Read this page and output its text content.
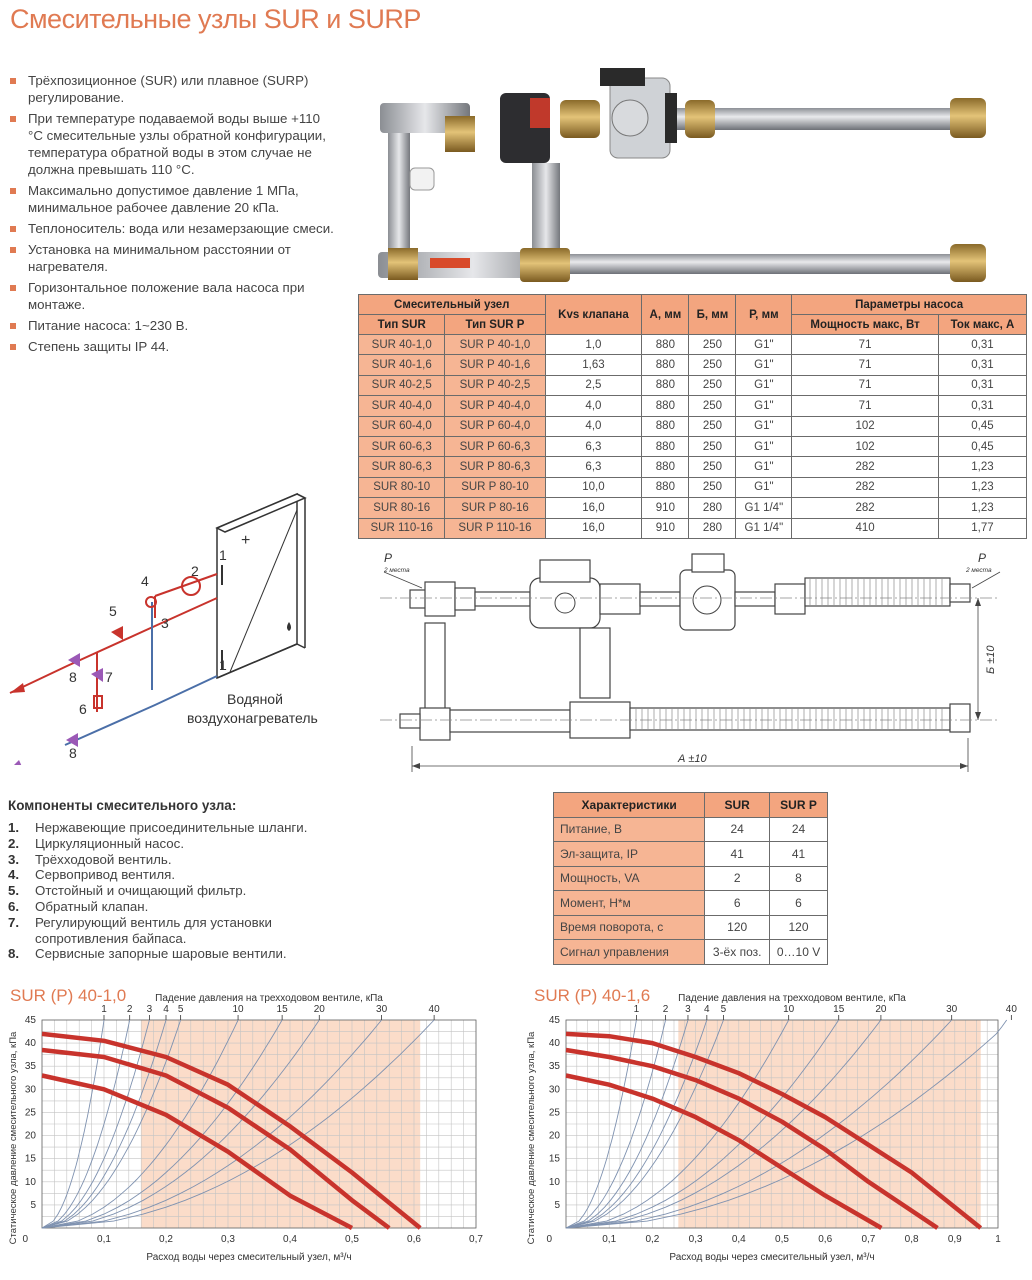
Смесительные узлы SUR и SURP
Трёхпозиционное (SUR) или плавное (SURP) регулирование.
При температуре подаваемой воды выше +110 °C смесительные узлы обратной конфигурации, температура обратной воды в этом случае не должна превышать 110 °C.
Максимально допустимое давление 1 МПа, минимальное рабочее давление 20 кПа.
Теплоноситель: вода или незамерзающие смеси.
Установка на минимальном расстоянии от нагревателя.
Горизонтальное положение вала насоса при монтаже.
Питание насоса: 1~230 В.
Степень защиты IP 44.
Смесительный узел		Kvs клапана	А, мм	Б, мм	Р, мм	Параметры насоса	
Тип SUR	Тип SUR P					Мощность макс, Вт	Ток макс, А
SUR 40-1,0	SUR P 40-1,0	1,0	880	250	G1"	71	0,31
SUR 40-1,6	SUR P 40-1,6	1,63	880	250	G1"	71	0,31
SUR 40-2,5	SUR P 40-2,5	2,5	880	250	G1"	71	0,31
SUR 40-4,0	SUR P 40-4,0	4,0	880	250	G1"	71	0,31
SUR 60-4,0	SUR P 60-4,0	4,0	880	250	G1"	102	0,45
SUR 60-6,3	SUR P 60-6,3	6,3	880	250	G1"	102	0,45
SUR 80-6,3	SUR P 80-6,3	6,3	880	250	G1"	282	1,23
SUR 80-10	SUR P 80-10	10,0	880	250	G1"	282	1,23
SUR 80-16	SUR P 80-16	16,0	910	280	G1 1/4"	282	1,23
SUR 110-16	SUR P 110-16	16,0	910	280	G1 1/4"	410	1,77
+
1
2
3
4
5
6
7
8
1
8
Водяной
воздухонагреватель
P
2 места
P
2 места
Б ±10
А ±10
Компоненты смесительного узла:
1.	Нержавеющие присоединительные шланги.
2.	Циркуляционный насос.
3.	Трёхходовой вентиль.
4.	Сервопривод вентиля.
5.	Отстойный и очищающий фильтр.
6.	Обратный клапан.
7.	Регулирующий вентиль для установки сопротивления байпаса.
8.	Сервисные запорные шаровые вентили.
Характеристики	SUR	SUR P
Питание, В	24	24
Эл-защита, IP	41	41
Мощность, VA	2	8
Момент, Н*м	6	6
Время поворота, с	120	120
Сигнал управления	3-ёх поз.	0…10 V
SUR (P) 40-1,0
1 2 3 4 5	10	15	20	30	40
Падение давления на трехходовом вентиле, кПа
0,1	0,2	0,3	0,4	0,5	0,6	0,7
0
5
10
15
20
25
30
35
40
45
Расход воды через смесительный узел, м³/ч
Статическое давление смесительного узла, кПа
SUR (P) 40-1,6
1 2 3 4 5	10	15	20	30	40
Падение давления на трехходовом вентиле, кПа
0,1	0,2	0,3	0,4	0,5	0,6	0,7	0,8	0,9	1
0
5
10
15
20
25
30
35
40
45
Расход воды через смесительный узел, м³/ч
Статическое давление смесительного узла, кПа
